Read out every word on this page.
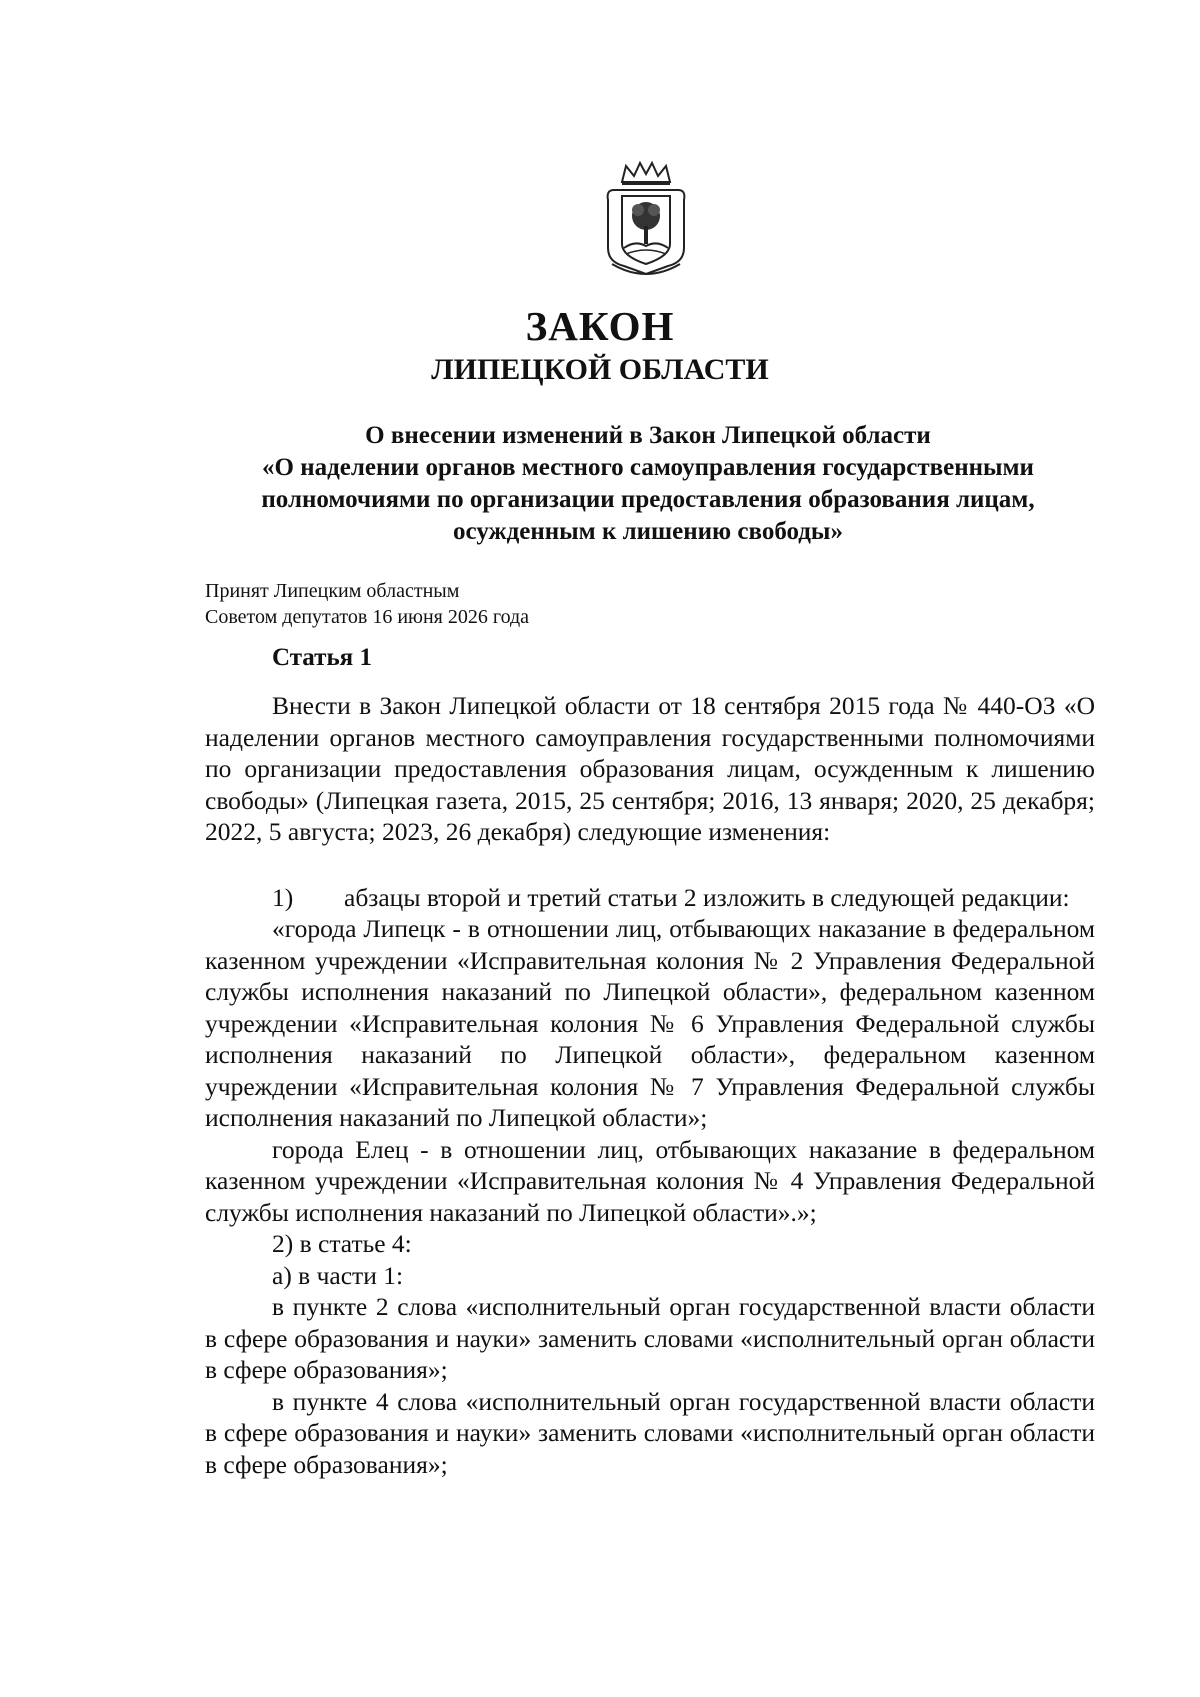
ЗАКОН
ЛИПЕЦКОЙ ОБЛАСТИ
О внесении изменений в Закон Липецкой области
«О наделении органов местного самоуправления государственными
полномочиями по организации предоставления образования лицам,
осужденным к лишению свободы»
Принят Липецким областным
Советом депутатов 16 июня 2026 года
Статья 1

Внести в Закон Липецкой области от 18 сентября 2015 года № 440-ОЗ «О наделении органов местного самоуправления государственными полномочиями по организации предоставления образования лицам, осужденным к лишению свободы» (Липецкая газета, 2015, 25 сентября; 2016, 13 января; 2020, 25 декабря; 2022, 5 августа; 2023, 26 декабря) следующие изменения:

1)	абзацы второй и третий статьи 2 изложить в следующей редакции:

«города Липецк - в отношении лиц, отбывающих наказание в федеральном казенном учреждении «Исправительная колония № 2 Управления Федеральной службы исполнения наказаний по Липецкой области», федеральном казенном учреждении «Исправительная колония № 6 Управления Федеральной службы исполнения наказаний по Липецкой области», федеральном казенном учреждении «Исправительная колония № 7 Управления Федеральной службы исполнения наказаний по Липецкой области»;

города Елец - в отношении лиц, отбывающих наказание в федеральном казенном учреждении «Исправительная колония № 4 Управления Федеральной службы исполнения наказаний по Липецкой области».»;

2) в статье 4:

а) в части 1:

в пункте 2 слова «исполнительный орган государственной власти области в сфере образования и науки» заменить словами «исполнительный орган области в сфере образования»;

в пункте 4 слова «исполнительный орган государственной власти области в сфере образования и науки» заменить словами «исполнительный орган области в сфере образования»;
